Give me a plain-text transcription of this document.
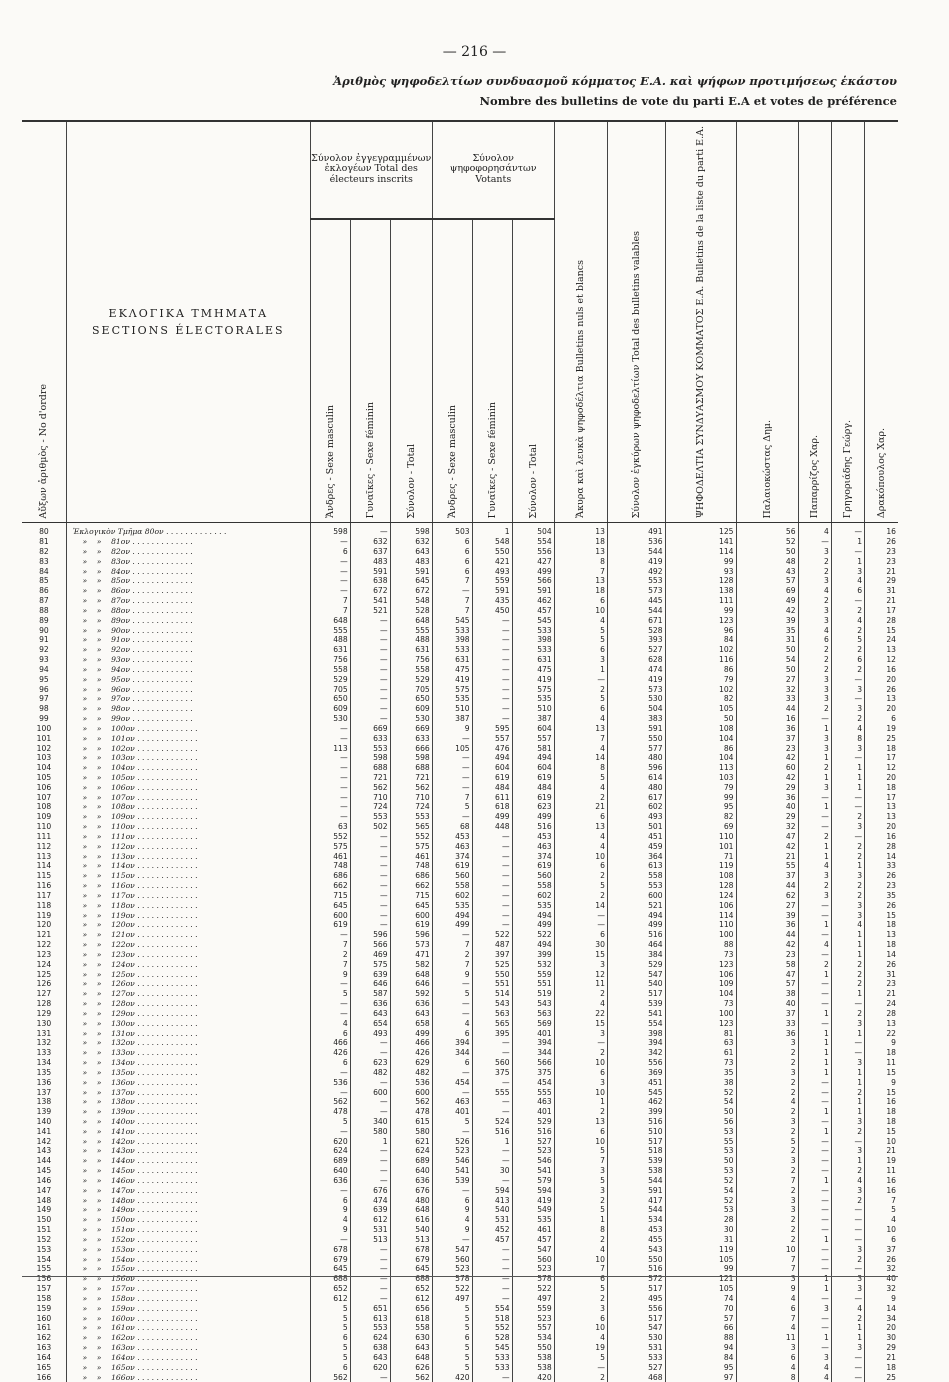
— 216 —
Ἀριθμὸς ψηφοδελτίων συνδυασμοῦ κόμματος Ε.Α. καὶ ψήφων προτιμήσεως ἑκάστου
Nombre des bulletins de vote du parti E.A et votes de préférence
Αὔξων ἀριθμὸς - No d'ordre	ΕΚΛΟΓΙΚΑ ΤΜΗΜΑΤΑ
SECTIONS ÉLECTORALES	Σύνολον ἐγγεγραμμένων ἐκλογέων Total des électeurs inscrits			Σύνολον ψηφοφορησάντων Votants			Ἄκυρα καὶ λευκὰ ψηφοδέλτια Bulletins nuls et blancs	Σύνολον ἐγκύρων ψηφοδελτίων Total des bulletins valables	ΨΗΦΟΔΕΛΤΙΑ ΣΥΝΔΥΑΣΜΟΥ ΚΟΜΜΑΤΟΣ Ε.Α. Bulletins de la liste du parti E.A.	Παλαιοκώστας Δημ.	Παπαρρίζος Χαρ.	Γρηγοριάδης Γεώργ.	Δρακόπουλος Χαρ.

		Ἄνδρες - Sexe masculin	Γυναῖκες - Sexe féminin	Σύνολον - Total	Ἄνδρες - Sexe masculin	Γυναῖκες - Sexe féminin	Σύνολον - Total							

80	Ἐκλογικὸν Τμῆμα 80ον . . . . . . . . . . . . .	598	—	598	503	1	504	13	491	125	56	4	—	16
81	»    »    81ον . . . . . . . . . . . . .	—	632	632	6	548	554	18	536	141	52	—	1	26
82	»    »    82ον . . . . . . . . . . . . .	6	637	643	6	550	556	13	544	114	50	3	—	23
83	»    »    83ον . . . . . . . . . . . . .	—	483	483	6	421	427	8	419	99	48	2	1	23
84	»    »    84ον . . . . . . . . . . . . .	—	591	591	6	493	499	7	492	93	43	2	3	21
85	»    »    85ον . . . . . . . . . . . . .	—	638	645	7	559	566	13	553	128	57	3	4	29
86	»    »    86ον . . . . . . . . . . . . .	—	672	672	—	591	591	18	573	138	69	4	6	31
87	»    »    87ον . . . . . . . . . . . . .	7	541	548	7	435	462	6	445	111	49	2	—	21
88	»    »    88ον . . . . . . . . . . . . .	7	521	528	7	450	457	10	544	99	42	3	2	17
89	»    »    89ον . . . . . . . . . . . . .	648	—	648	545	—	545	4	671	123	39	3	4	28
90	»    »    90ον . . . . . . . . . . . . .	555	—	555	533	—	533	5	528	96	35	4	2	15
91	»    »    91ον . . . . . . . . . . . . .	488	—	488	398	—	398	5	393	84	31	6	5	24
92	»    »    92ον . . . . . . . . . . . . .	631	—	631	533	—	533	6	527	102	50	2	2	13
93	»    »    93ον . . . . . . . . . . . . .	756	—	756	631	—	631	3	628	116	54	2	6	12
94	»    »    94ον . . . . . . . . . . . . .	558	—	558	475	—	475	1	474	86	50	2	2	16
95	»    »    95ον . . . . . . . . . . . . .	529	—	529	419	—	419	—	419	79	27	3	—	20
96	»    »    96ον . . . . . . . . . . . . .	705	—	705	575	—	575	2	573	102	32	3	3	26
97	»    »    97ον . . . . . . . . . . . . .	650	—	650	535	—	535	5	530	82	33	3	—	13
98	»    »    98ον . . . . . . . . . . . . .	609	—	609	510	—	510	6	504	105	44	2	3	20
99	»    »    99ον . . . . . . . . . . . . .	530	—	530	387	—	387	4	383	50	16	—	2	6
100	»    »    100ον . . . . . . . . . . . . .	—	669	669	9	595	604	13	591	108	36	1	4	19
101	»    »    101ον . . . . . . . . . . . . .	—	633	633	—	557	557	7	550	104	37	3	8	25
102	»    »    102ον . . . . . . . . . . . . .	113	553	666	105	476	581	4	577	86	23	3	3	18
103	»    »    103ον . . . . . . . . . . . . .	—	598	598	—	494	494	14	480	104	42	1	—	17
104	»    »    104ον . . . . . . . . . . . . .	—	688	688	—	604	604	8	596	113	60	2	1	12
105	»    »    105ον . . . . . . . . . . . . .	—	721	721	—	619	619	5	614	103	42	1	1	20
106	»    »    106ον . . . . . . . . . . . . .	—	562	562	—	484	484	4	480	79	29	3	1	18
107	»    »    107ον . . . . . . . . . . . . .	—	710	710	7	611	619	2	617	99	36	—	—	17
108	»    »    108ον . . . . . . . . . . . . .	—	724	724	5	618	623	21	602	95	40	1	—	13
109	»    »    109ον . . . . . . . . . . . . .	—	553	553	—	499	499	6	493	82	29	—	2	13
110	»    »    110ον . . . . . . . . . . . . .	63	502	565	68	448	516	13	501	69	32	—	3	20
111	»    »    111ον . . . . . . . . . . . . .	552	—	552	453	—	453	4	451	110	47	2	—	16
112	»    »    112ον . . . . . . . . . . . . .	575	—	575	463	—	463	4	459	101	42	1	2	28
113	»    »    113ον . . . . . . . . . . . . .	461	—	461	374	—	374	10	364	71	21	1	2	14
114	»    »    114ον . . . . . . . . . . . . .	748	—	748	619	—	619	6	613	119	55	4	1	33
115	»    »    115ον . . . . . . . . . . . . .	686	—	686	560	—	560	2	558	108	37	3	3	26
116	»    »    116ον . . . . . . . . . . . . .	662	—	662	558	—	558	5	553	128	44	2	2	23
117	»    »    117ον . . . . . . . . . . . . .	715	—	715	602	—	602	2	600	124	62	3	2	35
118	»    »    118ον . . . . . . . . . . . . .	645	—	645	535	—	535	14	521	106	27	—	3	26
119	»    »    119ον . . . . . . . . . . . . .	600	—	600	494	—	494	—	494	114	39	—	3	15
120	»    »    120ον . . . . . . . . . . . . .	619	—	619	499	—	499	—	499	110	36	1	4	18
121	»    »    121ον . . . . . . . . . . . . .	—	596	596	—	522	522	6	516	100	44	—	1	13
122	»    »    122ον . . . . . . . . . . . . .	7	566	573	7	487	494	30	464	88	42	4	1	18
123	»    »    123ον . . . . . . . . . . . . .	2	469	471	2	397	399	15	384	73	23	—	1	14
124	»    »    124ον . . . . . . . . . . . . .	7	575	582	7	525	532	3	529	123	58	2	2	26
125	»    »    125ον . . . . . . . . . . . . .	9	639	648	9	550	559	12	547	106	47	1	2	31
126	»    »    126ον . . . . . . . . . . . . .	—	646	646	—	551	551	11	540	109	57	—	2	23
127	»    »    127ον . . . . . . . . . . . . .	5	587	592	5	514	519	2	517	104	38	—	1	21
128	»    »    128ον . . . . . . . . . . . . .	—	636	636	—	543	543	4	539	73	40	—	—	24
129	»    »    129ον . . . . . . . . . . . . .	—	643	643	—	563	563	22	541	100	37	1	2	28
130	»    »    130ον . . . . . . . . . . . . .	4	654	658	4	565	569	15	554	123	33	—	3	13
131	»    »    131ον . . . . . . . . . . . . .	6	493	499	6	395	401	3	398	81	36	1	1	22
132	»    »    132ον . . . . . . . . . . . . .	466	—	466	394	—	394	—	394	63	3	1	—	9
133	»    »    133ον . . . . . . . . . . . . .	426	—	426	344	—	344	2	342	61	2	1	—	18
134	»    »    134ον . . . . . . . . . . . . .	6	623	629	6	560	566	10	556	73	2	1	3	11
135	»    »    135ον . . . . . . . . . . . . .	—	482	482	—	375	375	6	369	35	3	1	1	15
136	»    »    136ον . . . . . . . . . . . . .	536	—	536	454	—	454	3	451	38	2	—	1	9
137	»    »    137ον . . . . . . . . . . . . .	—	600	600	—	555	555	10	545	52	2	—	2	15
138	»    »    138ον . . . . . . . . . . . . .	562	—	562	463	—	463	1	462	54	4	—	1	16
139	»    »    139ον . . . . . . . . . . . . .	478	—	478	401	—	401	2	399	50	2	1	1	18
140	»    »    140ον . . . . . . . . . . . . .	5	340	615	5	524	529	13	516	56	3	—	3	18
141	»    »    141ον . . . . . . . . . . . . .	—	580	580	—	516	516	6	510	53	2	1	2	15
142	»    »    142ον . . . . . . . . . . . . .	620	1	621	526	1	527	10	517	55	5	—	—	10
143	»    »    143ον . . . . . . . . . . . . .	624	—	624	523	—	523	5	518	53	2	—	3	21
144	»    »    144ον . . . . . . . . . . . . .	689	—	689	546	—	546	7	539	50	3	—	1	19
145	»    »    145ον . . . . . . . . . . . . .	640	—	640	541	30	541	3	538	53	2	—	2	11
146	»    »    146ον . . . . . . . . . . . . .	636	—	636	539	—	579	5	544	52	7	1	4	16
147	»    »    147ον . . . . . . . . . . . . .	—	676	676	—	594	594	3	591	54	2	—	3	16
148	»    »    148ον . . . . . . . . . . . . .	6	474	480	6	413	419	2	417	52	3	—	2	7
149	»    »    149ον . . . . . . . . . . . . .	9	639	648	9	540	549	5	544	53	3	—	—	5
150	»    »    150ον . . . . . . . . . . . . .	4	612	616	4	531	535	1	534	28	2	—	—	4
151	»    »    151ον . . . . . . . . . . . . .	9	531	540	9	452	461	8	453	30	2	—	—	10
152	»    »    152ον . . . . . . . . . . . . .	—	513	513	—	457	457	2	455	31	2	1	—	6
153	»    »    153ον . . . . . . . . . . . . .	678	—	678	547	—	547	4	543	119	10	—	3	37
154	»    »    154ον . . . . . . . . . . . . .	679	—	679	560	—	560	10	550	105	7	—	2	26
155	»    »    155ον . . . . . . . . . . . . .	645	—	645	523	—	523	7	516	99	7	—	—	32
156	»    »    156ον . . . . . . . . . . . . .	688	—	688	578	—	578	6	572	121	3	1	3	40
157	»    »    157ον . . . . . . . . . . . . .	652	—	652	522	—	522	5	517	105	9	1	3	32
158	»    »    158ον . . . . . . . . . . . . .	612	—	612	497	—	497	2	495	74	4	—	—	9
159	»    »    159ον . . . . . . . . . . . . .	5	651	656	5	554	559	3	556	70	6	3	4	14
160	»    »    160ον . . . . . . . . . . . . .	5	613	618	5	518	523	6	517	57	7	—	2	34
161	»    »    161ον . . . . . . . . . . . . .	5	553	558	5	552	557	10	547	66	4	—	1	20
162	»    »    162ον . . . . . . . . . . . . .	6	624	630	6	528	534	4	530	88	11	1	1	30
163	»    »    163ον . . . . . . . . . . . . .	5	638	643	5	545	550	19	531	94	3	—	3	29
164	»    »    164ον . . . . . . . . . . . . .	5	643	648	5	533	538	5	533	84	6	3	—	21
165	»    »    165ον . . . . . . . . . . . . .	6	620	626	5	533	538	—	527	95	4	4	—	18
166	»    »    166ον . . . . . . . . . . . . .	562	—	562	420	—	420	2	468	97	8	4	—	25
